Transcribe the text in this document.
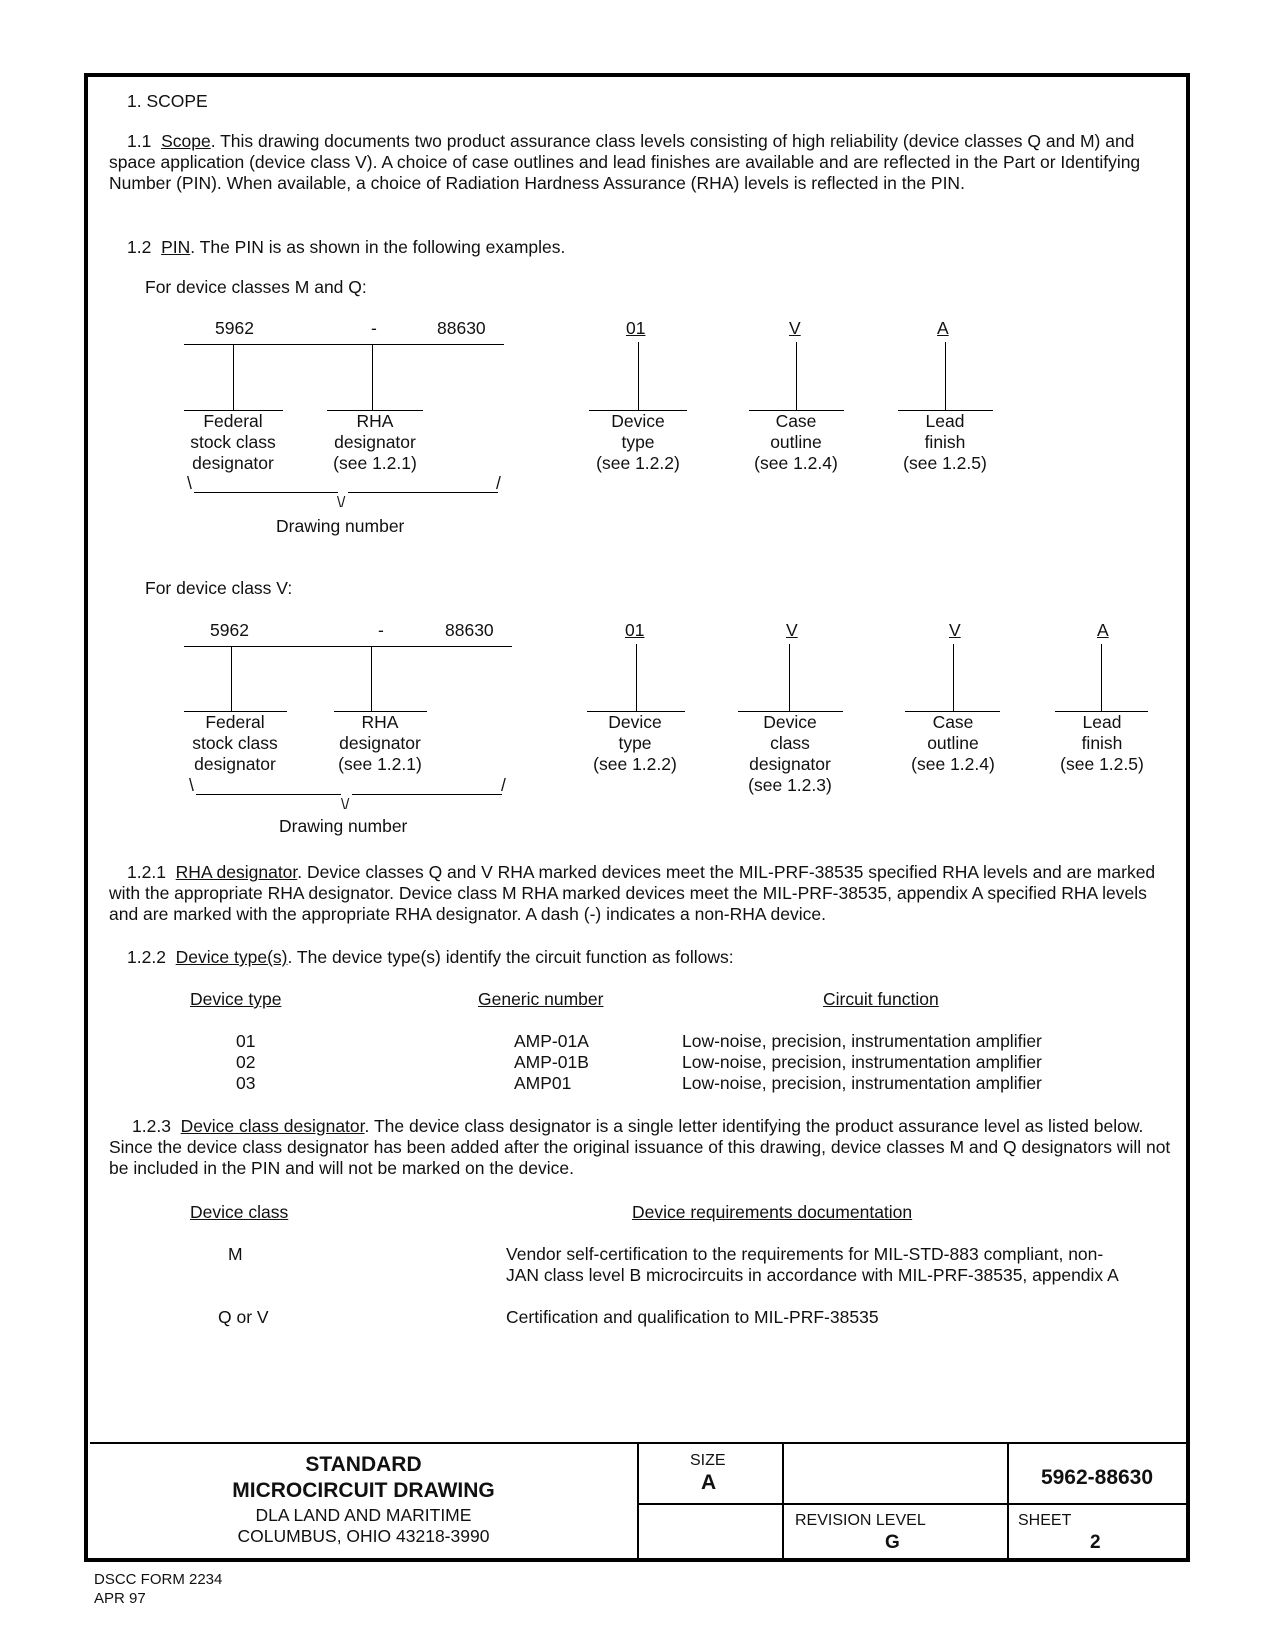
1. SCOPE
1.1 Scope. This drawing documents two product assurance class levels consisting of high reliability (device classes Q and M) and space application (device class V). A choice of case outlines and lead finishes are available and are reflected in the Part or Identifying Number (PIN). When available, a choice of Radiation Hardness Assurance (RHA) levels is reflected in the PIN.
1.2 PIN. The PIN is as shown in the following examples.
For device classes M and Q:
5962	-	88630	01	V	A
Federal
stock class
designator
RHA
designator
(see 1.2.1)
Device
type
(see 1.2.2)
Case
outline
(see 1.2.4)
Lead
finish
(see 1.2.5)
\	/
\/
Drawing number
For device class V:
5962	-	88630	01	V	V	A
Federal
stock class
designator
RHA
designator
(see 1.2.1)
Device
type
(see 1.2.2)
Device
class
designator
(see 1.2.3)
Case
outline
(see 1.2.4)
Lead
finish
(see 1.2.5)
\	/
\/
Drawing number
1.2.1 RHA designator. Device classes Q and V RHA marked devices meet the MIL-PRF-38535 specified RHA levels and are marked with the appropriate RHA designator. Device class M RHA marked devices meet the MIL-PRF-38535, appendix A specified RHA levels and are marked with the appropriate RHA designator. A dash (-) indicates a non-RHA device.
1.2.2 Device type(s). The device type(s) identify the circuit function as follows:
Device type	Generic number	Circuit function
01	AMP-01A	Low-noise, precision, instrumentation amplifier
02	AMP-01B	Low-noise, precision, instrumentation amplifier
03	AMP01	Low-noise, precision, instrumentation amplifier
1.2.3 Device class designator. The device class designator is a single letter identifying the product assurance level as listed below. Since the device class designator has been added after the original issuance of this drawing, device classes M and Q designators will not be included in the PIN and will not be marked on the device.
Device class	Device requirements documentation
M	Vendor self-certification to the requirements for MIL-STD-883 compliant, non-
JAN class level B microcircuits in accordance with MIL-PRF-38535, appendix A
Q or V	Certification and qualification to MIL-PRF-38535
STANDARD
MICROCIRCUIT DRAWING
DLA LAND AND MARITIME
COLUMBUS, OHIO 43218-3990
SIZE
A	5962-88630
REVISION LEVEL
G
SHEET
2
DSCC FORM 2234
APR 97
